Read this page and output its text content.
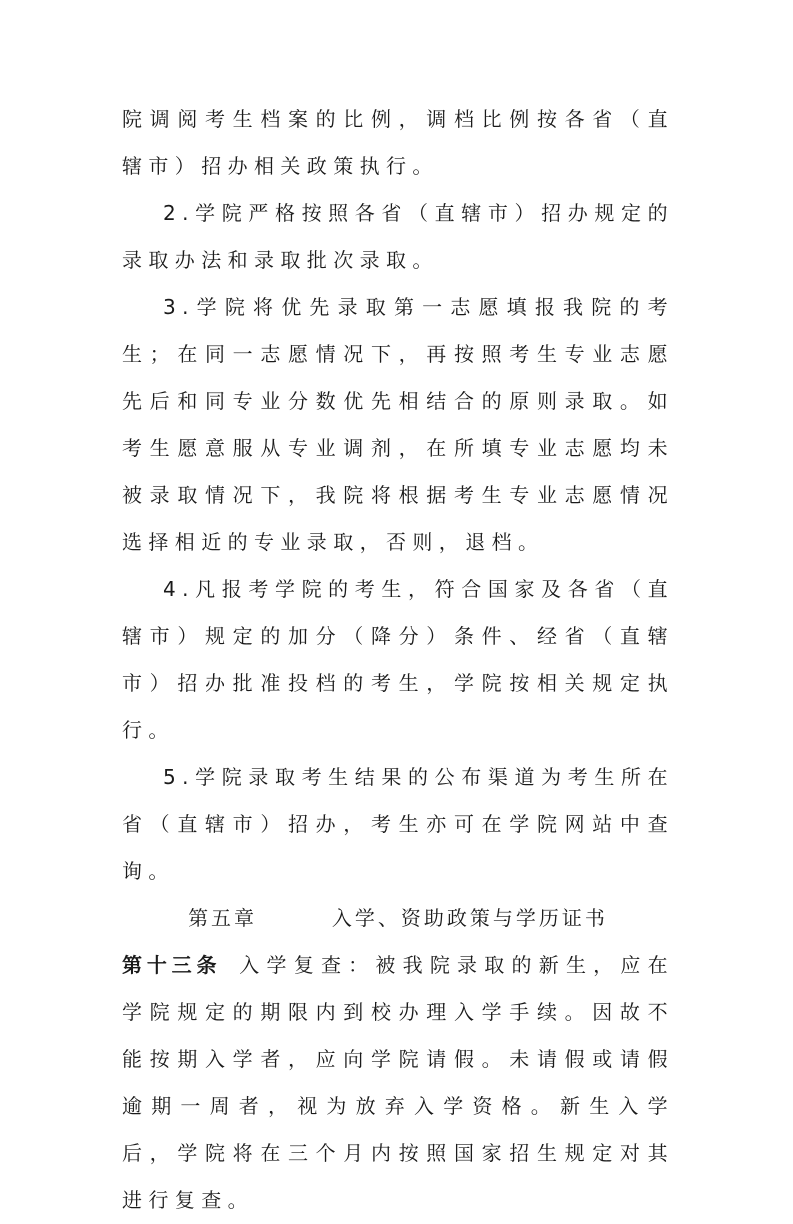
院调阅考生档案的比例，调档比例按各省（直辖市）招办相关政策执行。

2.学院严格按照各省（直辖市）招办规定的录取办法和录取批次录取。

3.学院将优先录取第一志愿填报我院的考生；在同一志愿情况下，再按照考生专业志愿先后和同专业分数优先相结合的原则录取。如考生愿意服从专业调剂，在所填专业志愿均未被录取情况下，我院将根据考生专业志愿情况选择相近的专业录取，否则，退档。

4.凡报考学院的考生，符合国家及各省（直辖市）规定的加分（降分）条件、经省（直辖市）招办批准投档的考生，学院按相关规定执行。

5.学院录取考生结果的公布渠道为考生所在省（直辖市）招办，考生亦可在学院网站中查询。

第五章	入学、资助政策与学历证书

第十三条 入学复查：被我院录取的新生，应在学院规定的期限内到校办理入学手续。因故不能按期入学者，应向学院请假。未请假或请假逾期一周者，视为放弃入学资格。新生入学后，学院将在三个月内按照国家招生规定对其进行复查。
